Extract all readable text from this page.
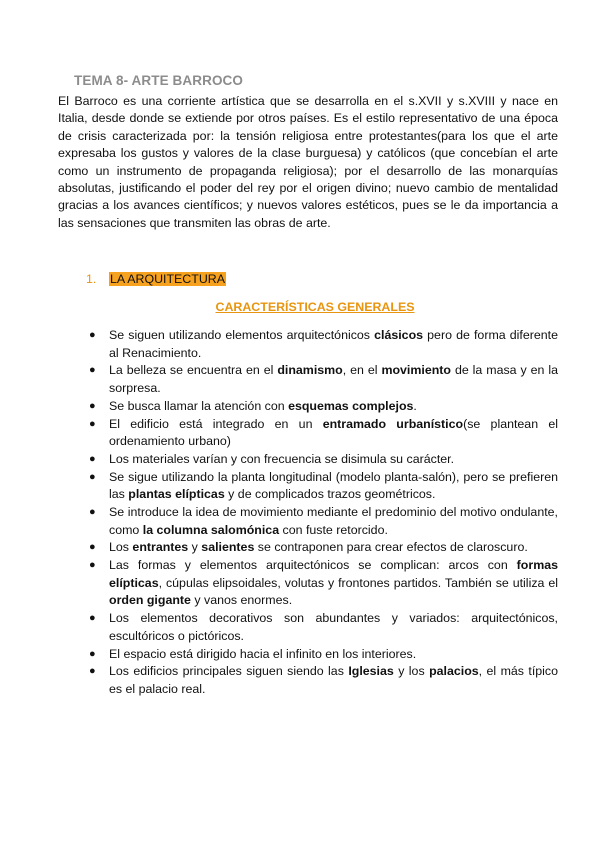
TEMA 8- ARTE BARROCO

El Barroco es una corriente artística que se desarrolla en el s.XVII y s.XVIII y nace en Italia, desde donde se extiende por otros países. Es el estilo representativo de una época de crisis caracterizada por: la tensión religiosa entre protestantes(para los que el arte expresaba los gustos y valores de la clase burguesa) y católicos (que concebían el arte como un instrumento de propaganda religiosa); por el desarrollo de las monarquías absolutas, justificando el poder del rey por el origen divino; nuevo cambio de mentalidad gracias a los avances científicos; y nuevos valores estéticos, pues se le da importancia a las sensaciones que transmiten las obras de arte.

1. LA ARQUITECTURA
CARACTERÍSTICAS GENERALES
● Se siguen utilizando elementos arquitectónicos clásicos pero de forma diferente al Renacimiento.
● La belleza se encuentra en el dinamismo, en el movimiento de la masa y en la sorpresa.
● Se busca llamar la atención con esquemas complejos.
● El edificio está integrado en un entramado urbanístico(se plantean el ordenamiento urbano)
● Los materiales varían y con frecuencia se disimula su carácter.
● Se sigue utilizando la planta longitudinal (modelo planta-salón), pero se prefieren las plantas elípticas y de complicados trazos geométricos.
● Se introduce la idea de movimiento mediante el predominio del motivo ondulante, como la columna salomónica con fuste retorcido.
● Los entrantes y salientes se contraponen para crear efectos de claroscuro.
● Las formas y elementos arquitectónicos se complican: arcos con formas elípticas, cúpulas elipsoidales, volutas y frontones partidos. También se utiliza el orden gigante y vanos enormes.
● Los elementos decorativos son abundantes y variados: arquitectónicos, escultóricos o pictóricos.
● El espacio está dirigido hacia el infinito en los interiores.
● Los edificios principales siguen siendo las Iglesias y los palacios, el más típico es el palacio real.
